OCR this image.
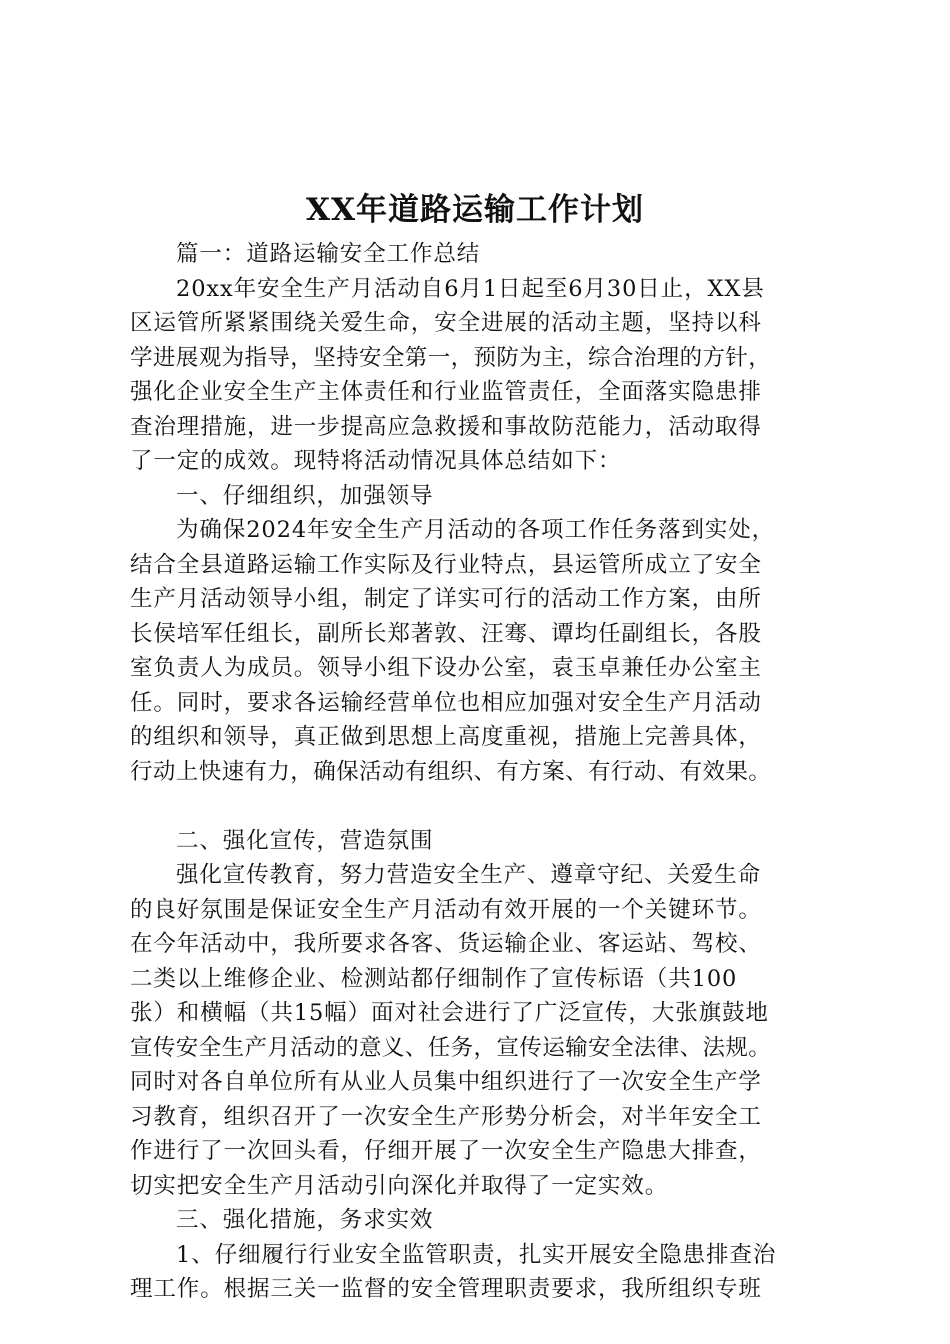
XX年道路运输工作计划
篇一：道路运输安全工作总结
20xx年安全生产月活动自6月1日起至6月30日止，XX县
区运管所紧紧围绕关爱生命，安全进展的活动主题，坚持以科
学进展观为指导，坚持安全第一，预防为主，综合治理的方针，
强化企业安全生产主体责任和行业监管责任，全面落实隐患排
查治理措施，进一步提高应急救援和事故防范能力，活动取得
了一定的成效。现特将活动情况具体总结如下：
一、仔细组织，加强领导
为确保2024年安全生产月活动的各项工作任务落到实处，
结合全县道路运输工作实际及行业特点，县运管所成立了安全
生产月活动领导小组，制定了详实可行的活动工作方案，由所
长侯培军任组长，副所长郑著敦、汪骞、谭均任副组长，各股
室负责人为成员。领导小组下设办公室，袁玉卓兼任办公室主
任。同时，要求各运输经营单位也相应加强对安全生产月活动
的组织和领导，真正做到思想上高度重视，措施上完善具体，
行动上快速有力，确保活动有组织、有方案、有行动、有效果。
二、强化宣传，营造氛围
强化宣传教育，努力营造安全生产、遵章守纪、关爱生命
的良好氛围是保证安全生产月活动有效开展的一个关键环节。
在今年活动中，我所要求各客、货运输企业、客运站、驾校、
二类以上维修企业、检测站都仔细制作了宣传标语（共100
张）和横幅（共15幅）面对社会进行了广泛宣传，大张旗鼓地
宣传安全生产月活动的意义、任务，宣传运输安全法律、法规。
同时对各自单位所有从业人员集中组织进行了一次安全生产学
习教育，组织召开了一次安全生产形势分析会，对半年安全工
作进行了一次回头看，仔细开展了一次安全生产隐患大排查，
切实把安全生产月活动引向深化并取得了一定实效。
三、强化措施，务求实效
1、仔细履行行业安全监管职责，扎实开展安全隐患排查治
理工作。根据三关一监督的安全管理职责要求，我所组织专班
